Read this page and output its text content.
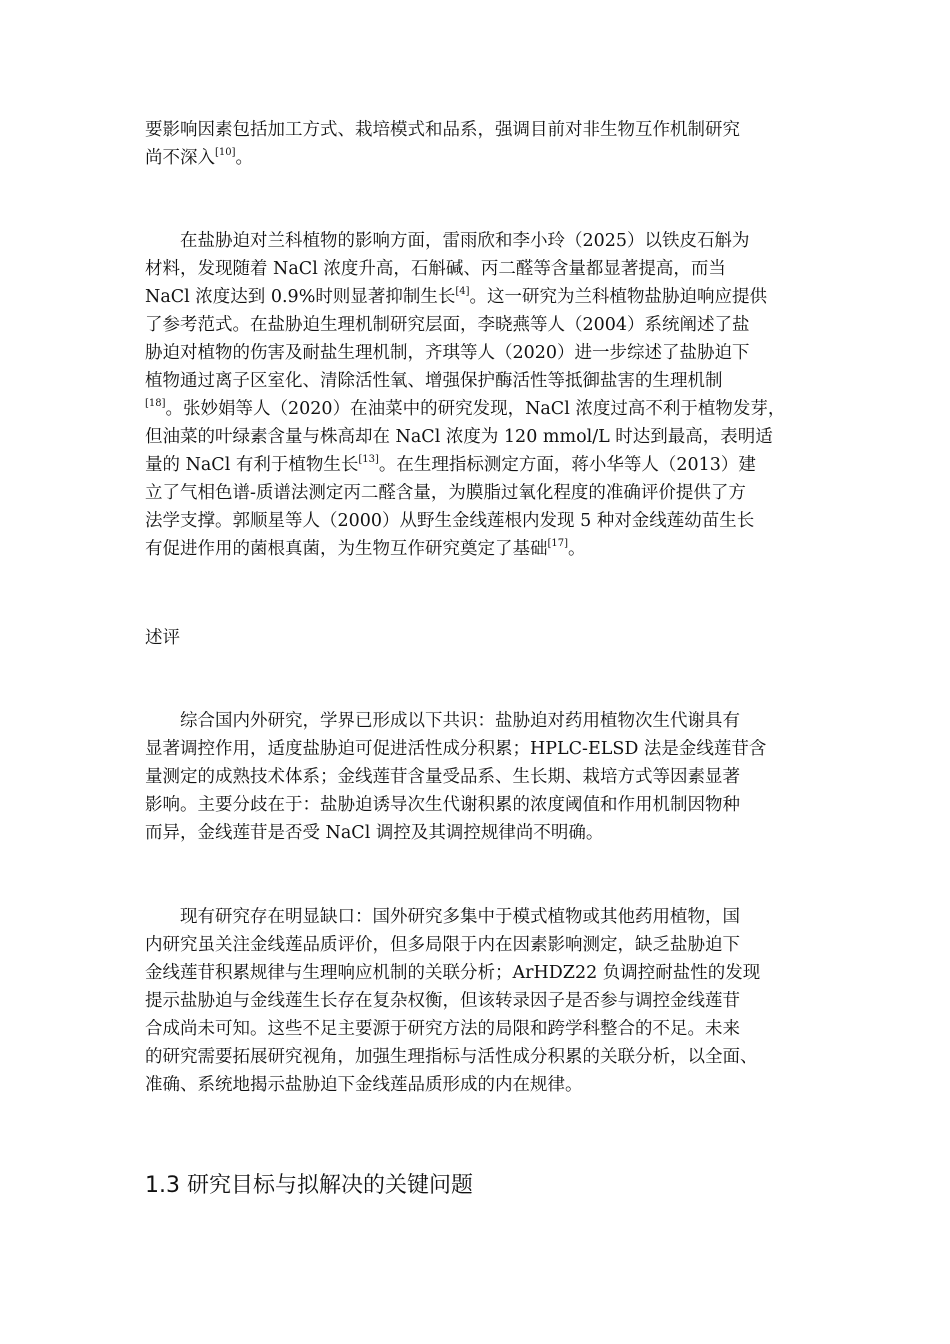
要影响因素包括加工方式、栽培模式和品系，强调目前对非生物互作机制研究
尚不深入[10]。
在盐胁迫对兰科植物的影响方面，雷雨欣和李小玲（2025）以铁皮石斛为
材料，发现随着 NaCl 浓度升高，石斛碱、丙二醛等含量都显著提高，而当
NaCl 浓度达到 0.9%时则显著抑制生长[4]。这一研究为兰科植物盐胁迫响应提供
了参考范式。在盐胁迫生理机制研究层面，李晓燕等人（2004）系统阐述了盐
胁迫对植物的伤害及耐盐生理机制，齐琪等人（2020）进一步综述了盐胁迫下
植物通过离子区室化、清除活性氧、增强保护酶活性等抵御盐害的生理机制
[18]。张妙娟等人（2020）在油菜中的研究发现，NaCl 浓度过高不利于植物发芽，
但油菜的叶绿素含量与株高却在 NaCl 浓度为 120 mmol/L 时达到最高，表明适
量的 NaCl 有利于植物生长[13]。在生理指标测定方面，蒋小华等人（2013）建
立了气相色谱-质谱法测定丙二醛含量，为膜脂过氧化程度的准确评价提供了方
法学支撑。郭顺星等人（2000）从野生金线莲根内发现 5 种对金线莲幼苗生长
有促进作用的菌根真菌，为生物互作研究奠定了基础[17]。
述评
综合国内外研究，学界已形成以下共识：盐胁迫对药用植物次生代谢具有
显著调控作用，适度盐胁迫可促进活性成分积累；HPLC-ELSD 法是金线莲苷含
量测定的成熟技术体系；金线莲苷含量受品系、生长期、栽培方式等因素显著
影响。主要分歧在于：盐胁迫诱导次生代谢积累的浓度阈值和作用机制因物种
而异，金线莲苷是否受 NaCl 调控及其调控规律尚不明确。
现有研究存在明显缺口：国外研究多集中于模式植物或其他药用植物，国
内研究虽关注金线莲品质评价，但多局限于内在因素影响测定，缺乏盐胁迫下
金线莲苷积累规律与生理响应机制的关联分析；ArHDZ22 负调控耐盐性的发现
提示盐胁迫与金线莲生长存在复杂权衡，但该转录因子是否参与调控金线莲苷
合成尚未可知。这些不足主要源于研究方法的局限和跨学科整合的不足。未来
的研究需要拓展研究视角，加强生理指标与活性成分积累的关联分析，以全面、
准确、系统地揭示盐胁迫下金线莲品质形成的内在规律。
1.3 研究目标与拟解决的关键问题
